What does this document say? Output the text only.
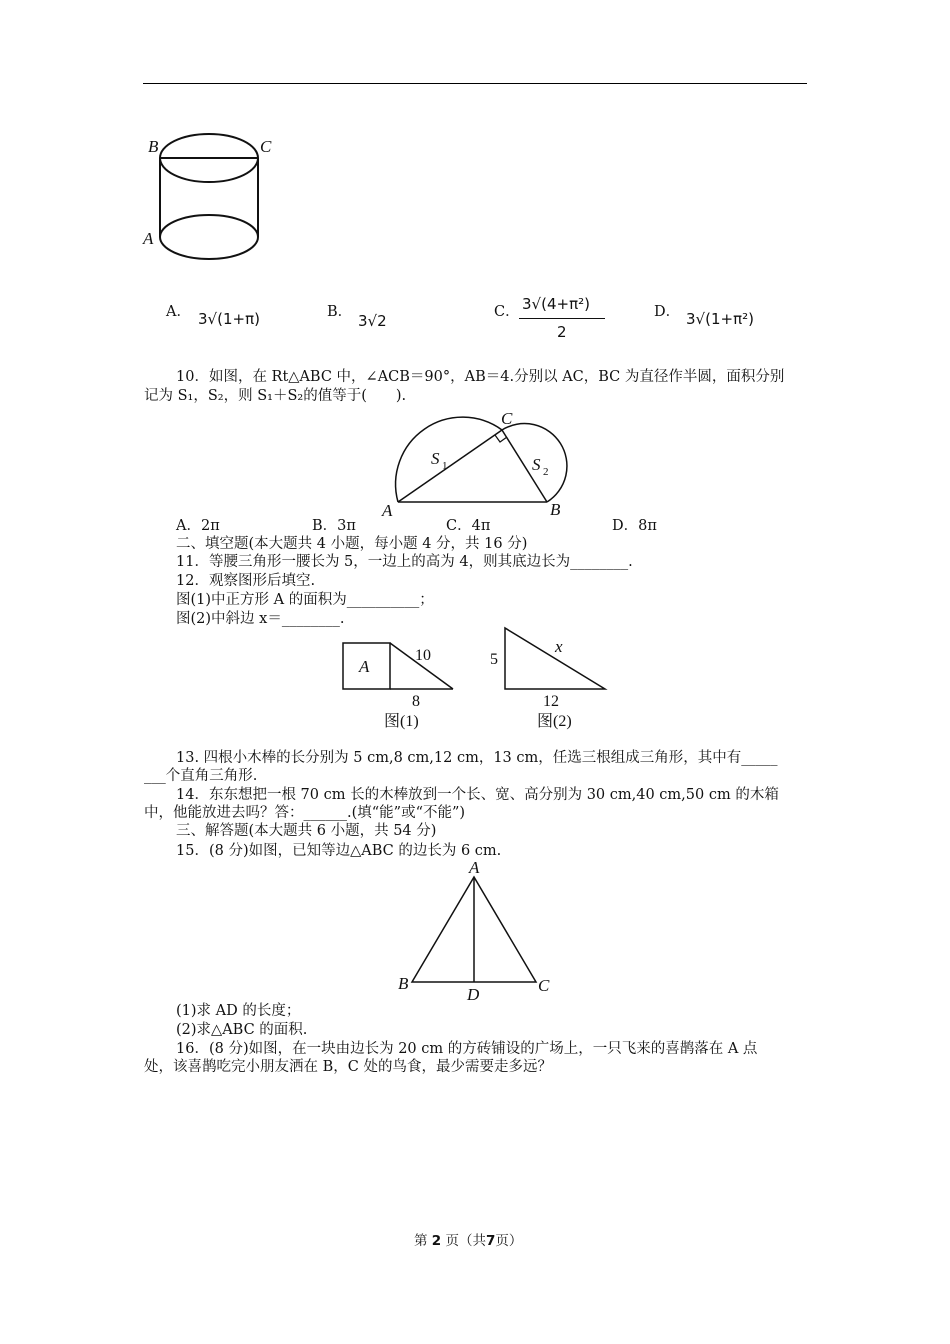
B	C
A
A． 3√(1+π)	B． 3√2	C． 3√(4+π²)
2
D． 3√(1+π²)
10．如图，在 Rt△ABC 中，∠ACB＝90°，AB＝4.分别以 AC，BC 为直径作半圆，面积分别
记为 S₁，S₂，则 S₁＋S₂的值等于(　　).
A	B
C
S 1	S 2
A．2π	B．3π	C．4π	D．8π
二、填空题(本大题共 4 小题，每小题 4 分，共 16 分)
11．等腰三角形一腰长为 5，一边上的高为 4，则其底边长为________.
12．观察图形后填空.
图(1)中正方形 A 的面积为__________；
图(2)中斜边 x＝________.
A
10
8
图(1)
5
x
12
图(2)
13. 四根小木棒的长分别为 5 cm,8 cm,12 cm，13 cm，任选三根组成三角形，其中有_____
___个直角三角形.
14．东东想把一根 70 cm 长的木棒放到一个长、宽、高分别为 30 cm,40 cm,50 cm 的木箱
中，他能放进去吗？答：______.(填“能”或“不能”)
三、解答题(本大题共 6 小题，共 54 分)
15．(8 分)如图，已知等边△ABC 的边长为 6 cm.
A
B	C
D
(1)求 AD 的长度；
(2)求△ABC 的面积.
16．(8 分)如图，在一块由边长为 20 cm 的方砖铺设的广场上，一只飞来的喜鹊落在 A 点
处，该喜鹊吃完小朋友洒在 B，C 处的鸟食，最少需要走多远？
第 2 页（共7页）
